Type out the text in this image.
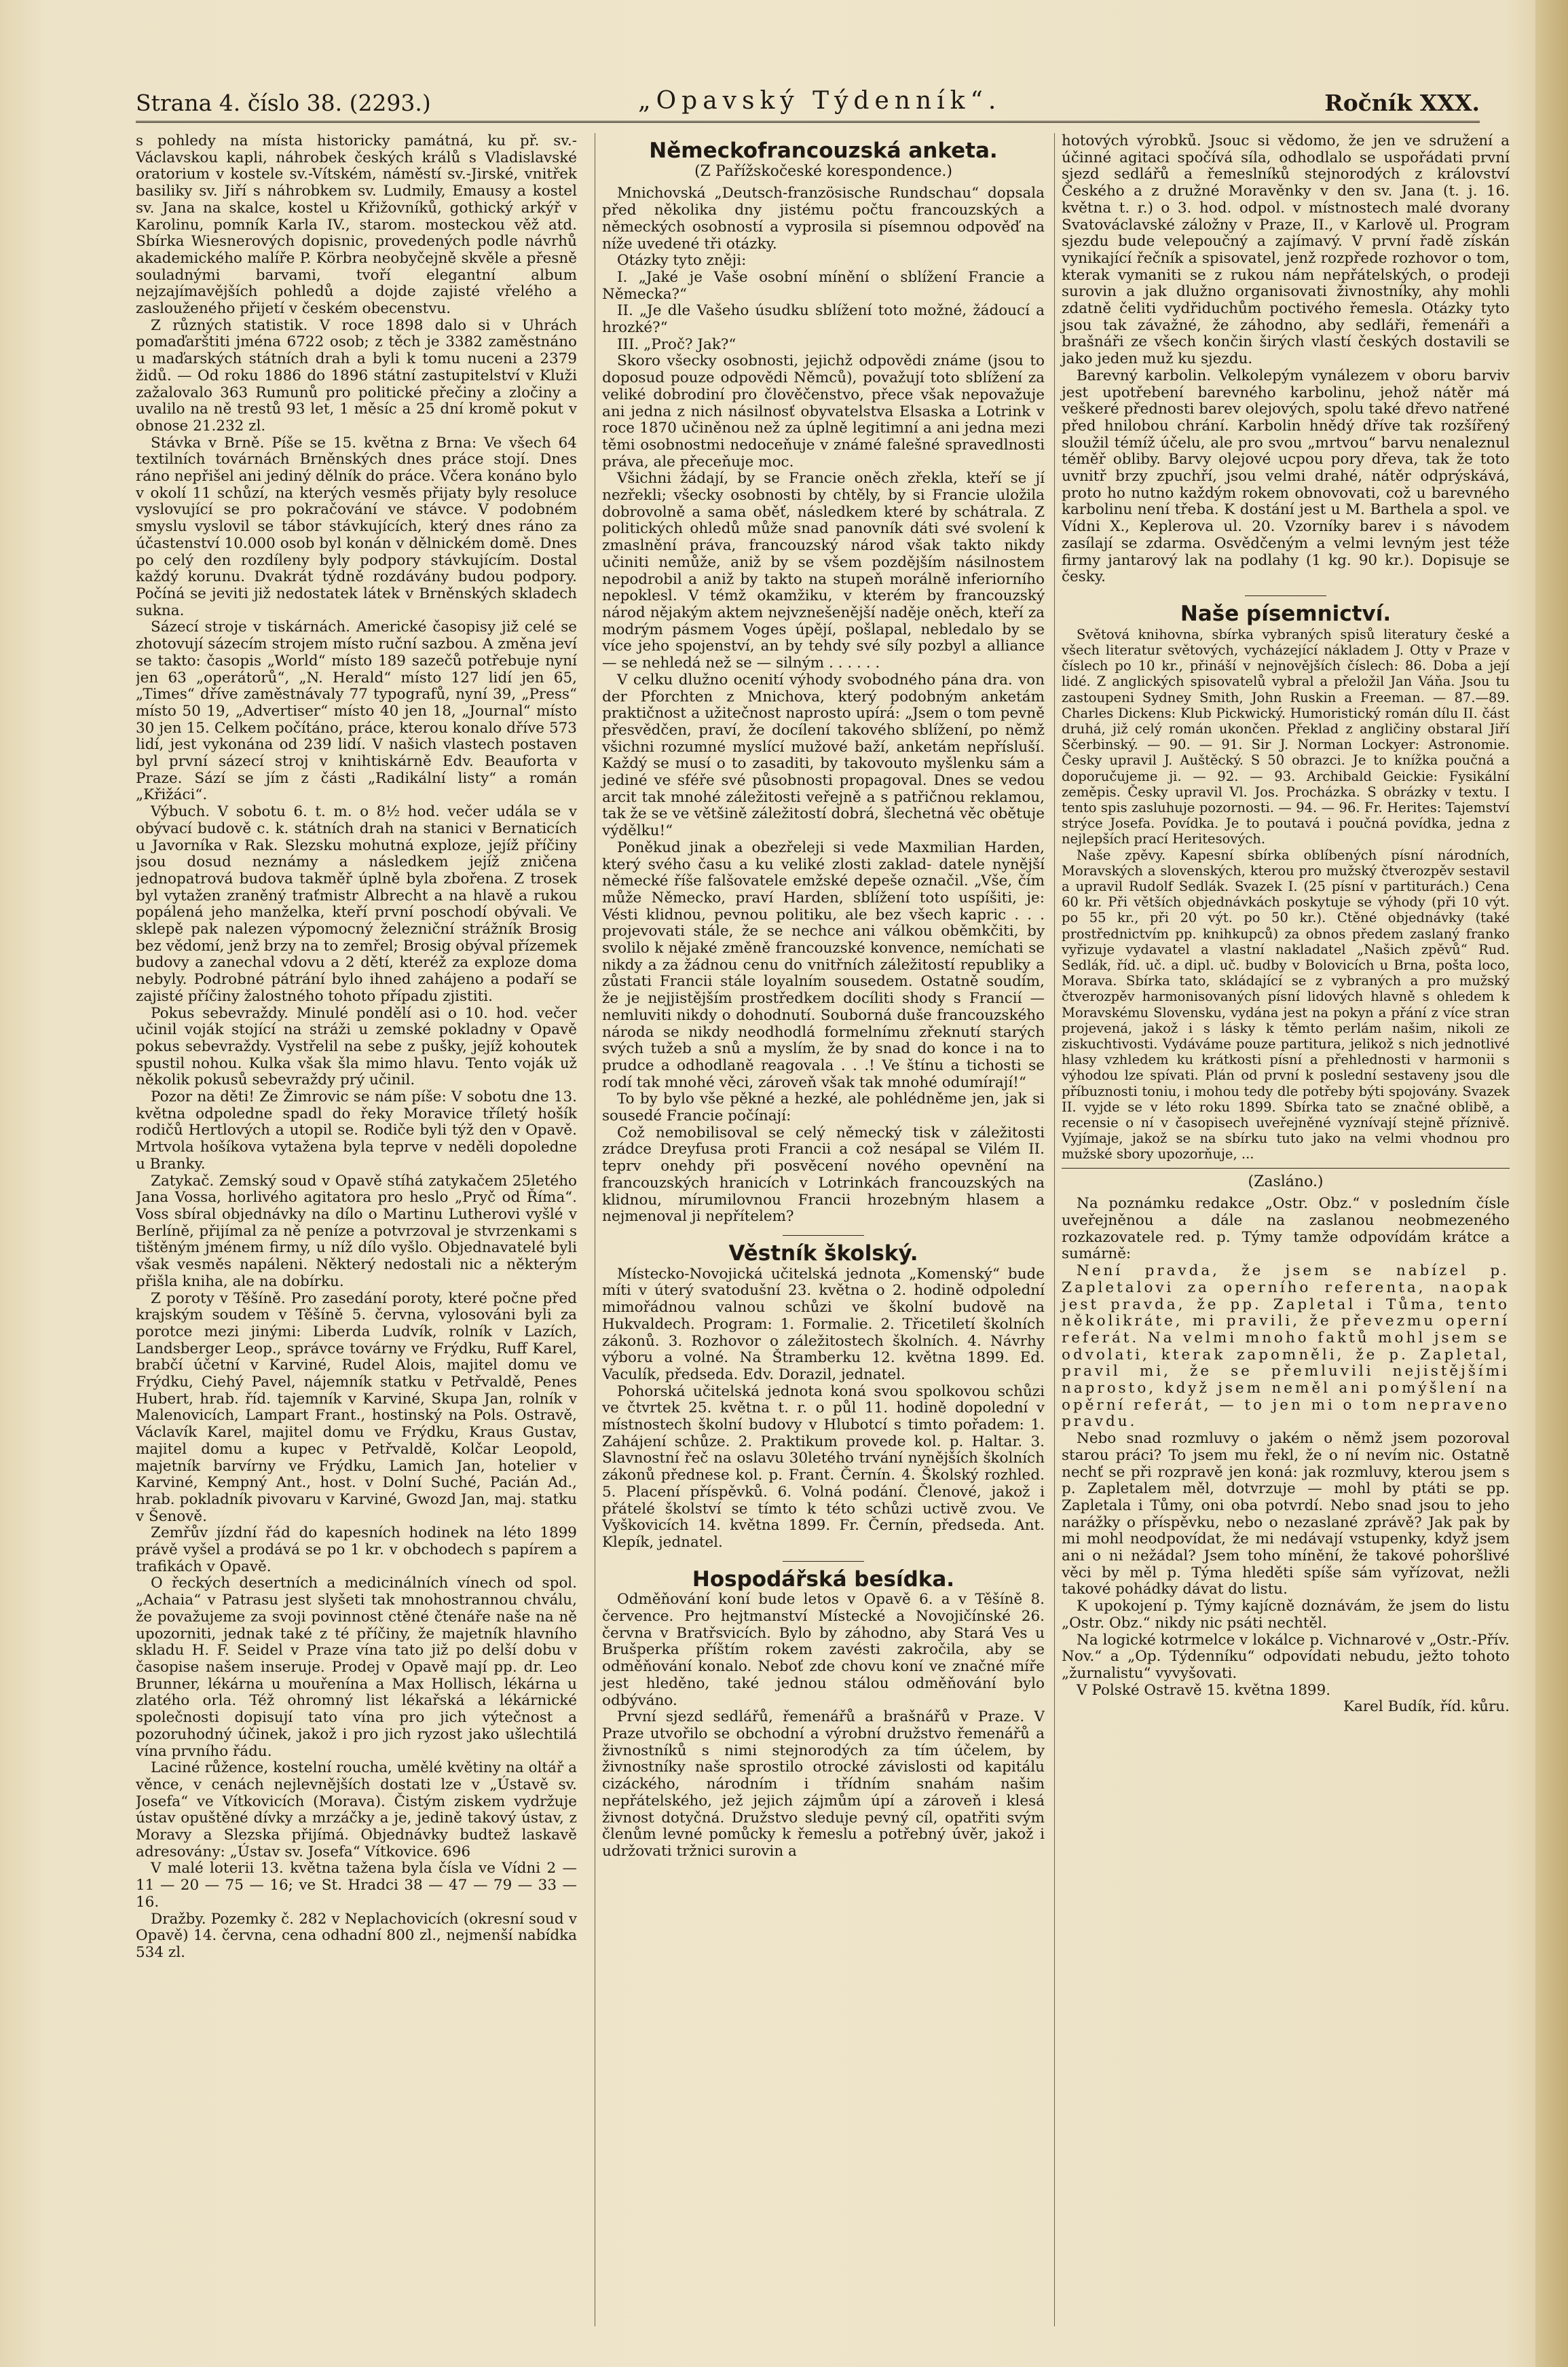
Strana 4. číslo 38. (2293.)	„Opavský Týdenník“.	Ročník XXX.

s pohledy na místa historicky památná, ku př. sv.-Václavskou kapli, náhrobek českých králů s Vladislavské oratorium v kostele sv.-Vítském, náměstí sv.-Jirské, vnitřek basiliky sv. Jiří s náhrobkem sv. Ludmily, Emausy a kostel sv. Jana na skalce, kostel u Křižovníků, gothický arkýř v Karolinu, pomník Karla IV., starom. mosteckou věž atd. Sbírka Wiesnerových dopisnic, provedených podle návrhů akademického malíře P. Körbra neobyčejně skvěle a přesně souladnými barvami, tvoří elegantní album nejzajímavějších pohledů a dojde zajisté vřelého a zaslouženého přijetí v českém obecenstvu.

Z různých statistik. V roce 1898 dalo si v Uhrách pomaďarštiti jména 6722 osob; z těch je 3382 zaměstnáno u maďarských státních drah a byli k tomu nuceni a 2379 židů. — Od roku 1886 do 1896 státní zastupitelství v Kluži zažalovalo 363 Rumunů pro politické přečiny a zločiny a uvalilo na ně trestů 93 let, 1 měsíc a 25 dní kromě pokut v obnose 21.232 zl.

Stávka v Brně. Píše se 15. května z Brna: Ve všech 64 textilních továrnách Brněnských dnes práce stojí. Dnes ráno nepřišel ani jediný dělník do práce. Včera konáno bylo v okolí 11 schůzí, na kterých vesměs přijaty byly resoluce vyslovující se pro pokračování ve stávce. V podobném smyslu vyslovil se tábor stávkujících, který dnes ráno za účastenství 10.000 osob byl konán v dělnickém domě. Dnes po celý den rozdíleny byly podpory stávkujícím. Dostal každý korunu. Dvakrát týdně rozdávány budou podpory. Počíná se jeviti již nedostatek látek v Brněnských skladech sukna.

Sázecí stroje v tiskárnách. Americké časopisy již celé se zhotovují sázecím strojem místo ruční sazbou. A změna jeví se takto: časopis „World“ místo 189 sazečů potřebuje nyní jen 63 „operátorů“, „N. Herald“ místo 127 lidí jen 65, „Times“ dříve zaměstnávaly 77 typografů, nyní 39, „Press“ místo 50 19, „Advertiser“ místo 40 jen 18, „Journal“ místo 30 jen 15. Celkem počítáno, práce, kterou konalo dříve 573 lidí, jest vykonána od 239 lidí. V našich vlastech postaven byl první sázecí stroj v knihtiskárně Edv. Beaufortа v Praze. Sází se jím z části „Radikální listy“ a román „Křižáci“.

Výbuch. V sobotu 6. t. m. o 8½ hod. večer udála se v obývací budově c. k. státních drah na stanici v Bernaticích u Javorníka v Rak. Slezsku mohutná exploze, jejíž příčiny jsou dosud neznámy a následkem jejíž zničena jednopatrová budova takměř úplně byla zbořena. Z trosek byl vytažen zraněný traťmistr Albrecht a na hlavě a rukou popálená jeho manželka, kteří první poschodí obývali. Ve sklepě pak nalezen výpomocný železniční strážník Brosig bez vědomí, jenž brzy na to zemřel; Brosig obýval přízemek budovy a zanechal vdovu a 2 dětí, kteréž za exploze doma nebyly. Podrobné pátrání bylo ihned zahájeno a podaří se zajisté příčiny žalostného tohoto případu zjistiti.

Pokus sebevraždy. Minulé pondělí asi o 10. hod. večer učinil voják stojící na stráži u zemské pokladny v Opavě pokus sebevraždy. Vystřelil na sebe z pušky, jejíž kohoutek spustil nohou. Kulka však šla mimo hlavu. Tento voják už několik pokusů sebevraždy prý učinil.

Pozor na děti! Ze Žimrovic se nám píše: V sobotu dne 13. května odpoledne spadl do řeky Moravice tříletý hošík rodičů Hertlových a utopil se. Rodiče byli týž den v Opavě. Mrtvola hošíkova vytažena byla teprve v neděli dopoledne u Branky.

Zatykač. Zemský soud v Opavě stíhá zatykačem 25letého Jana Vossa, horlivého agitatora pro heslo „Pryč od Říma“. Voss sbíral objednávky na dílo o Martinu Lutherovi vyšlé v Berlíně, přijímal za ně peníze a potvrzoval je stvrzenkami s tištěným jménem firmy, u níž dílo vyšlo. Objednavatelé byli však vesměs napáleni. Některý nedostali nic a některým přišla kniha, ale na dobírku.

Z poroty v Těšíně. Pro zasedání poroty, které počne před krajským soudem v Těšíně 5. června, vylosováni byli za porotce mezi jinými: Liberda Ludvík, rolník v Lazích, Landsberger Leop., správce továrny ve Frýdku, Ruff Karel, brabčí účetní v Karviné, Rudel Alois, majitel domu ve Frýdku, Ciehý Pavel, nájemník statku v Petřvaldě, Penes Hubert, hrab. říd. tajemník v Karviné, Skupa Jan, rolník v Malenovicích, Lampart Frant., hostinský na Pols. Ostravě, Václavík Karel, majitel domu ve Frýdku, Kraus Gustav, majitel domu a kupec v Petřvaldě, Kolčar Leopold, majetník barvírny ve Frýdku, Lamich Jan, hotelier v Karviné, Kempný Ant., host. v Dolní Suché, Pacián Ad., hrab. pokladník pivovaru v Karviné, Gwozd Jan, maj. statku v Šenově.

Zemřův jízdní řád do kapesních hodinek na léto 1899 právě vyšel a prodává se po 1 kr. v obchodech s papírem a trafikách v Opavě.

O řeckých desertních a medicinálních vínech od spol. „Achaia“ v Patrasu jest slyšeti tak mnohostrannou chválu, že považujeme za svoji povinnost ctěné čtenáře naše na ně upozorniti, jednak také z té příčiny, že majetník hlavního skladu H. F. Seidel v Praze vína tato již po delší dobu v časopise našem inseruje. Prodej v Opavě mají pp. dr. Leo Brunner, lékárna u mouřenína a Max Hollisch, lékárna u zlatého orla. Též ohromný list lékařská a lékárnické společnosti dopisují tato vína pro jich výtečnost a pozoruhodný účinek, jakož i pro jich ryzost jako ušlechtilá vína prvního řádu.

Laciné růžence, kostelní roucha, umělé květiny na oltář a věnce, v cenách nejlevnějších dostati lze v „Ústavě sv. Josefa“ ve Vítkovicích (Morava). Čistým ziskem vydržuje ústav opuštěné dívky a mrzáčky a je, jedině takový ústav, z Moravy a Slezska přijímá. Objednávky budtež laskavě adresovány: „Ústav sv. Josefa“ Vítkovice. 696

V malé loterii 13. května tažena byla čísla ve Vídni 2 — 11 — 20 — 75 — 16; ve St. Hradci 38 — 47 — 79 — 33 — 16.

Dražby. Pozemky č. 282 v Neplachovicích (okresní soud v Opavě) 14. června, cena odhadní 800 zl., nejmenší nabídka 534 zl.

Německofrancouzská anketa.
(Z Pařížskočeské korespondence.)

Mnichovská „Deutsch-französische Rundschau“ dopsala před několika dny jistému počtu francouzských a německých osobností a vyprosila si písemnou odpověď na níže uvedené tři otázky.

Otázky tyto zněji:

I. „Jaké je Vaše osobní mínění o sblížení Francie a Německa?“

II. „Je dle Vašeho úsudku sblížení toto možné, žádoucí a hrozké?“

III. „Proč? Jak?“

Skoro všecky osobnosti, jejichž odpovědi známe (jsou to doposud pouze odpovědi Němců), považují toto sblížení za veliké dobrodiní pro člověčenstvo, přece však nepovažuje ani jedna z nich násilnosť obyvatelstva Elsaska a Lotrink v roce 1870 učiněnou než za úplně legitimní a ani jedna mezi těmi osobnostmi nedoceňuje v známé falešné spravedlnosti práva, ale přeceňuje moc.

Všichni žádají, by se Francie oněch zřekla, kteří se jí nezřekli; všecky osobnosti by chtěly, by si Francie uložila dobrovolně a sama oběť, následkem které by schátrala. Z politických ohledů může snad panovník dáti své svolení k zmaslnění práva, francouzský národ však takto nikdy učiniti nemůže, aniž by se všem pozdějším násilnostem nepodrobil a aniž by takto na stupeň morálně inferiorního nepoklesl. V témž okamžiku, v kterém by francouzský národ nějakým aktem nejvznešenější naděje oněch, kteří za modrým pásmem Voges úpějí, pošlapal, nebledalo by se více jeho spojenství, an by tehdy své síly pozbyl a alliance — se nehledá než se — silným . . . . . .

V celku dlužno ocenití výhody svobodného pána dra. von der Pforchten z Mnichova, který podobným anketám praktičnost a užitečnost naprosto upírá: „Jsem o tom pevně přesvědčen, praví, že docílení takového sblížení, po němž všichni rozumné myslící mužové baží, anketám nepřísluší. Každý se musí o to zasaditi, by takovouto myšlenku sám a jediné ve sféře své působnosti propagoval. Dnes se vedou arcit tak mnohé záležitosti veřejně a s patřičnou reklamou, tak že se ve většině záležitostí dobrá, šlechetná věc obětuje výdělku!“

Poněkud jinak a obezřeleji si vede Maxmilian Harden, který svého času a ku veliké zlosti zaklad- datele nynější německé říše falšovatele emžské depeše označil. „Vše, čím může Německo, praví Harden, sblížení toto uspíšiti, je: Vésti klidnou, pevnou politiku, ale bez všech kapric . . . projevovati stále, že se nechce ani válkou oběmkčiti, by svolilo k nějaké změně francouzské konvence, nemíchati se nikdy a za žádnou cenu do vnitřních záležitostí republiky a zůstati Francii stále loyalním sousedem. Ostatně soudím, že je nejjistějším prostředkem docíliti shody s Francií — nemluviti nikdy o dohodnutí. Souborná duše francouzského národa se nikdy neodhodlá formelnímu zřeknutí starých svých tužeb a snů a myslím, že by snad do konce i na to prudce a odhodlaně reagovala . . .! Ve štínu a tichosti se rodí tak mnohé věci, zároveň však tak mnohé odumírají!“

To by bylo vše pěkné a hezké, ale pohlédněme jen, jak si sousedé Francie počínají:

Což nemobilisoval se celý německý tisk v záležitosti zrádce Dreyfusa proti Francii a což nesápal se Vilém II. teprv onehdy při posvěcení nového opevnění na francouzských hranicích v Lotrinkách francouzských na klidnou, mírumilovnou Francii hrozebným hlasem a nejmenoval ji nepřítelem?

Věstník školský.

Místecko-Novojická učitelská jednota „Komenský“ bude míti v úterý svatodušní 23. května o 2. hodině odpolední mimořádnou valnou schůzi ve školní budově na Hukvaldech. Program: 1. Formalie. 2. Třicetiletí školních zákonů. 3. Rozhovor o záležitostech školních. 4. Návrhy výboru a volné. Na Štramberku 12. května 1899. Ed. Vaculík, předseda. Edv. Dorazil, jednatel.

Pohorská učitelská jednota koná svou spolkovou schůzi ve čtvrtek 25. května t. r. o půl 11. hodině dopolední v místnostech školní budovy v Hlubotcí s timto pořadem: 1. Zahájení schůze. 2. Praktikum provede kol. p. Haltar. 3. Slavnostní řeč na oslavu 30letého trvání nynějších školních zákonů přednese kol. p. Frant. Černín. 4. Školský rozhled. 5. Placení příspěvků. 6. Volná podání. Členové, jakož i přátelé školství se tímto k této schůzi uctivě zvou. Ve Vyškovicích 14. května 1899. Fr. Černín, předseda. Ant. Klepík, jednatel.

Hospodářská besídka.

Odměňování koní bude letos v Opavě 6. a v Těšíně 8. července. Pro hejtmanství Místecké a Novojičínské 26. června v Bratřsvicích. Bylo by záhodno, aby Stará Ves u Brušperka příštím rokem zavésti zakročila, aby se odměňování konalo. Neboť zde chovu koní ve značné míře jest hleděno, také jednou stálou odměňování bylo odbýváno.

První sjezd sedlářů, řemenářů a brašnářů v Praze. V Praze utvořilo se obchodní a výrobní družstvo řemenářů a živnostníků s nimi stejnorodých za tím účelem, by živnostníky naše sprostilo otrocké závislosti od kapitálu cizáckého, národním i třídním snahám našim nepřátelského, jež jejich zájmům úpí a zároveň i klesá živnost dotyčná. Družstvo sleduje pevný cíl, opatřiti svým členům levné pomůcky k řemeslu a potřebný úvěr, jakož i udržovati tržnici surovin a

hotových výrobků. Jsouc si vědomo, že jen ve sdružení a účinné agitaci spočívá síla, odhodlalo se uspořádati první sjezd sedlářů a řemeslníků stejnorodých z království Českého a z družné Moravěnky v den sv. Jana (t. j. 16. května t. r.) o 3. hod. odpol. v místnostech malé dvorany Svatováclavské záložny v Praze, II., v Karlově ul. Program sjezdu bude velepoučný a zajímavý. V první řadě získán vynikající řečník a spisovatel, jenž rozpřede rozhovor o tom, kterak vymaniti se z rukou nám nepřátelských, o prodeji surovin a jak dlužno organisovati živnostníky, ahy mohli zdatně čeliti vydřiduchům poctivého řemesla. Otázky tyto jsou tak závažné, že záhodno, aby sedláři, řemenáři a brašnáři ze všech končin širých vlastí českých dostavili se jako jeden muž ku sjezdu.

Barevný karbolin. Velkolepým vynálezem v oboru barviv jest upotřebení barevného karbolinu, jehož nátěr má veškeré přednosti barev olejových, spolu také dřevo natřené před hnilobou chrání. Karbolin hnědý dříve tak rozšířený sloužil témíž účelu, ale pro svou „mrtvou“ barvu nenaleznul téměř obliby. Barvy olejové ucpou pory dřeva, tak že toto uvnitř brzy zpuchří, jsou velmi drahé, nátěr odprýskává, proto ho nutno každým rokem obnovovati, což u barevného karbolinu není třeba. K dostání jest u M. Barthela a spol. ve Vídni X., Keplerova ul. 20. Vzorníky barev i s návodem zasílají se zdarma. Osvědčeným a velmi levným jest téže firmy jantarový lak na podlahy (1 kg. 90 kr.). Dopisuje se česky.

Naše písemnictví.

Světová knihovna, sbírka vybraných spisů literatury české a všech literatur světových, vycházející nákladem J. Otty v Praze v číslech po 10 kr., přináší v nejnovějších číslech: 86. Doba a její lidé. Z anglických spisovatelů vybral a přeložil Jan Váňa. Jsou tu zastoupeni Sydney Smith, John Ruskin a Freeman. — 87.—89. Charles Dickens: Klub Pickwický. Humoristický román dílu II. část druhá, již celý román ukončen. Překlad z angličiny obstaral Jiří Sčerbinský. — 90. — 91. Sir J. Norman Lockyer: Astronomie. Česky upravil J. Auštěcký. S 50 obrazci. Je to knížka poučná a doporučujeme ji. — 92. — 93. Archibald Geickie: Fysikální zeměpis. Česky upravil Vl. Jos. Procházka. S obrázky v textu. I tento spis zasluhuje pozornosti. — 94. — 96. Fr. Herites: Tajemství strýce Josefa. Povídka. Je to poutavá i poučná povídka, jedna z nejlepších prací Heritesových.

Naše zpěvy. Kapesní sbírka oblíbených písní národních, Moravských a slovenských, kterou pro mužský čtverozpěv sestavil a upravil Rudolf Sedlák. Svazek I. (25 písní v partiturách.) Cena 60 kr. Při větších objednávkách poskytuje se výhody (při 10 výt. po 55 kr., při 20 výt. po 50 kr.). Ctěné objednávky (také prostřednictvím pp. knihkupců) za obnos předem zaslaný franko vyřizuje vydavatel a vlastní nakladatel „Našich zpěvů“ Rud. Sedlák, říd. uč. a dipl. uč. budby v Bolovicích u Brna, pošta loco, Morava. Sbírka tato, skládající se z vybraných a pro mužský čtverozpěv harmonisovaných písní lidových hlavně s ohledem k Moravskému Slovensku, vydána jest na pokyn a přání z více stran projevená, jakož i s lásky k těmto perlám našim, nikoli ze ziskuchtivosti. Vydáváme pouze partitura, jelikož s nich jednotlivé hlasy vzhledem ku krátkosti písní a přehlednosti v harmonii s výhodou lze spívati. Plán od první k poslední sestaveny jsou dle příbuznosti toniu, i mohou tedy dle potřeby býti spojovány. Svazek II. vyjde se v léto roku 1899. Sbírka tato se značné oblibě, a recensie o ní v časopisech uveřejněné vyznívají stejně příznivě. Vyjímaje, jakož se na sbírku tuto jako na velmi vhodnou pro mužské sbory upozorňuje, ...

(Zasláno.)

Na poznámku redakce „Ostr. Obz.“ v posledním čísle uveřejněnou a dále na zaslanou neobmezeného rozkazovatele red. p. Týmy tamže odpovídám krátce a sumárně:

Není pravda, že jsem se nabízel p. Zapletalovi za operního referenta, naopak jest pravda, že pp. Zapletal i Tůma, tento několikráte, mi pravili, že převezmu operní referát. Na velmi mnoho faktů mohl jsem se odvolati, kterak zapomněli, že p. Zapletal, pravil mi, že se přemluvili nejistějšími naprosto, když jsem neměl ani pomýšlení na opěrní referát, — to jen mi o tom nepraveno pravdu.

Nebo snad rozmluvy o jakém o němž jsem pozoroval starou práci? To jsem mu řekl, že o ní nevím nic. Ostatně nechť se při rozpravě jen koná: jak rozmluvy, kterou jsem s p. Zapletalem měl, dotvrzuje — mohl by ptáti se pp. Zapletala i Tůmy, oni oba potvrdí. Nebo snad jsou to jeho narážky o příspěvku, nebo o nezaslané zprávě? Jak pak by mi mohl neodpovídat, že mi nedávají vstupenky, když jsem ani o ni nežádal? Jsem toho mínění, že takové pohoršlivé věci by měl p. Týma hleděti spíše sám vyřízovat, nežli takové pohádky dávat do listu.

K upokojení p. Týmy kajícně doznávám, že jsem do listu „Ostr. Obz.“ nikdy nic psáti nechtěl.

Na logické kotrmelce v lokálce p. Vichnarové v „Ostr.-Přív. Nov.“ a „Op. Týdenníku“ odpovídati nebudu, ježto tohoto „žurnalistu“ vyvyšovati.

V Polské Ostravě 15. května 1899.

Karel Budík, říd. kůru.
